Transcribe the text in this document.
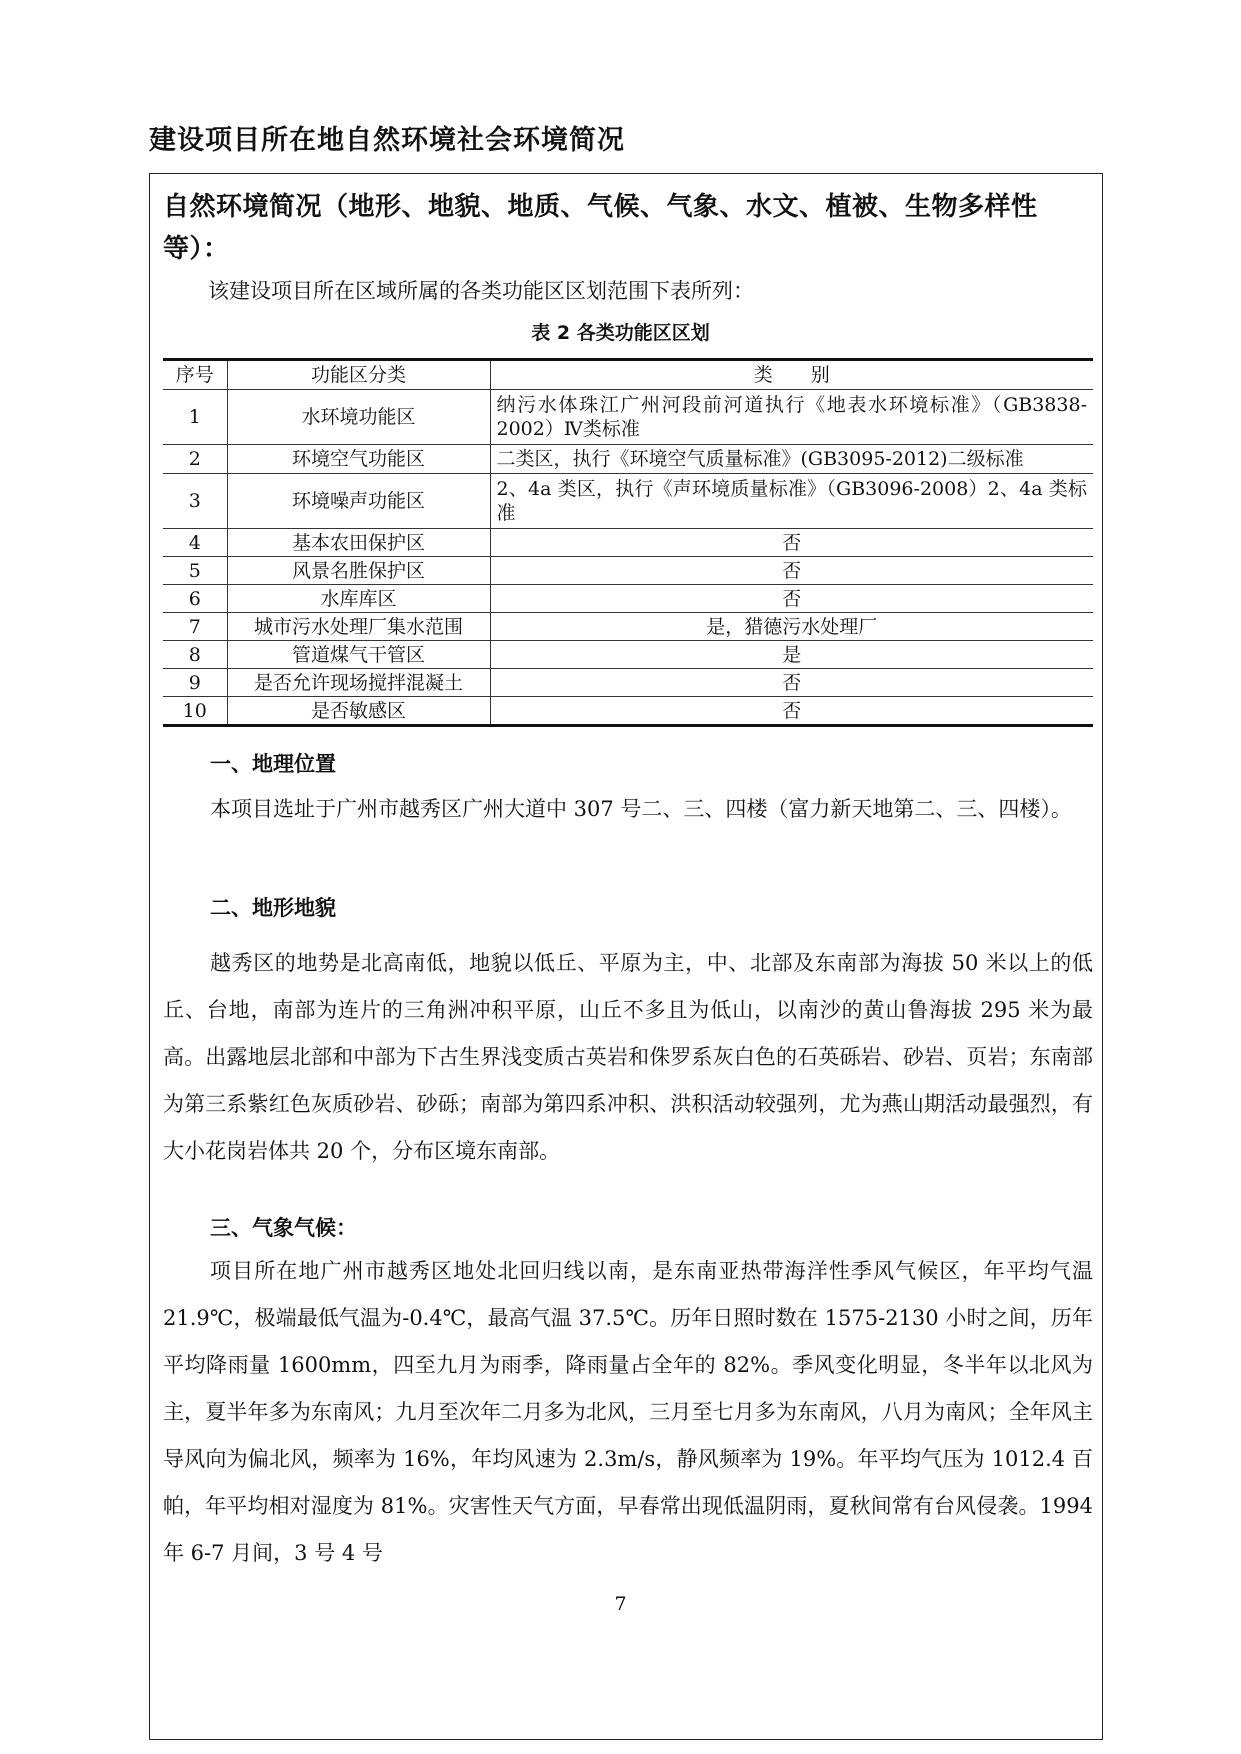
建设项目所在地自然环境社会环境简况
自然环境简况（地形、地貌、地质、气候、气象、水文、植被、生物多样性等）：
该建设项目所在区域所属的各类功能区区划范围下表所列：
表 2 各类功能区区划
序号	功能区分类	类　　别
1	水环境功能区	纳污水体珠江广州河段前河道执行《地表水环境标准》（GB3838-2002）Ⅳ类标准
2	环境空气功能区	二类区，执行《环境空气质量标准》(GB3095-2012)二级标准
3	环境噪声功能区	2、4a 类区，执行《声环境质量标准》（GB3096-2008）2、4a 类标准
4	基本农田保护区	否
5	风景名胜保护区	否
6	水库库区	否
7	城市污水处理厂集水范围	是，猎德污水处理厂
8	管道煤气干管区	是
9	是否允许现场搅拌混凝土	否
10	是否敏感区	否
一、地理位置
本项目选址于广州市越秀区广州大道中 307 号二、三、四楼（富力新天地第二、三、四楼）。
二、地形地貌
越秀区的地势是北高南低，地貌以低丘、平原为主，中、北部及东南部为海拔 50 米以上的低丘、台地，南部为连片的三角洲冲积平原，山丘不多且为低山，以南沙的黄山鲁海拔 295 米为最高。出露地层北部和中部为下古生界浅变质古英岩和侏罗系灰白色的石英砾岩、砂岩、页岩；东南部为第三系紫红色灰质砂岩、砂砾；南部为第四系冲积、洪积活动较强列，尤为燕山期活动最强烈，有大小花岗岩体共 20 个，分布区境东南部。
三、气象气候：
项目所在地广州市越秀区地处北回归线以南，是东南亚热带海洋性季风气候区，年平均气温 21.9℃，极端最低气温为-0.4℃，最高气温 37.5℃。历年日照时数在 1575-2130 小时之间，历年平均降雨量 1600mm，四至九月为雨季，降雨量占全年的 82%。季风变化明显，冬半年以北风为主，夏半年多为东南风；九月至次年二月多为北风，三月至七月多为东南风，八月为南风；全年风主导风向为偏北风，频率为 16%，年均风速为 2.3m/s，静风频率为 19%。年平均气压为 1012.4 百帕，年平均相对湿度为 81%。灾害性天气方面，早春常出现低温阴雨，夏秋间常有台风侵袭。1994 年 6-7 月间，3 号 4 号
7
